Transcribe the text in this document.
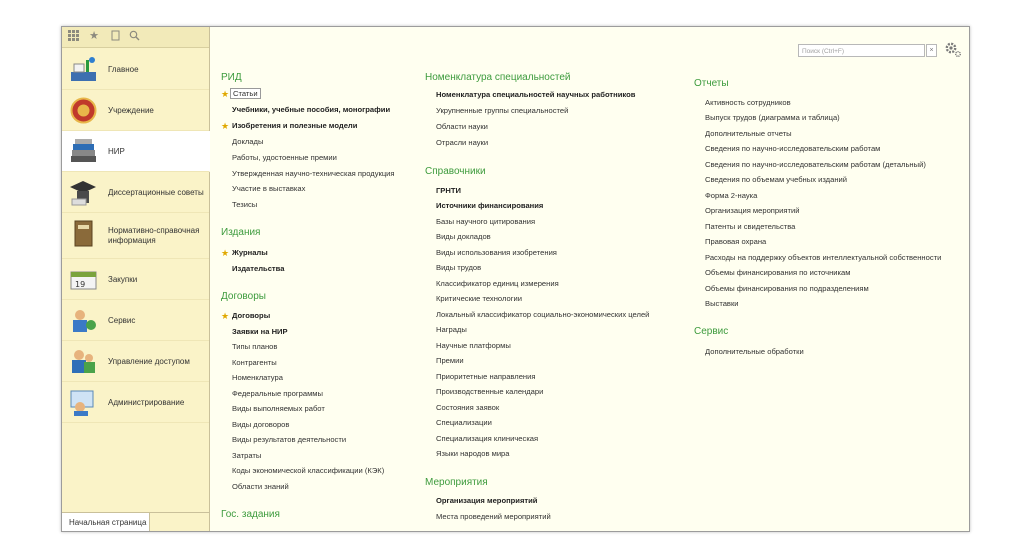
★
Главное
Учреждение
НИР
Диссертационные советы
Нормативно-справочная информация
19
Закупки
Сервис
Управление доступом
Администрирование
Начальная страница
Поиск (Ctrl+F)	×
РИД
★ Статьи
Учебники, учебные пособия, монографии
★ Изобретения и полезные модели
Доклады
Работы, удостоенные премии
Утвержденная научно-техническая продукция
Участие в выставках
Тезисы
Издания
★ Журналы
Издательства
Договоры
★ Договоры
Заявки на НИР
Типы планов
Контрагенты
Номенклатура
Федеральные программы
Виды выполняемых работ
Виды договоров
Виды результатов деятельности
Затраты
Коды экономической классификации (КЭК)
Области знаний
Гос. задания
Номенклатура специальностей
Номенклатура специальностей научных работников
Укрупненные группы специальностей
Области науки
Отрасли науки
Справочники
ГРНТИ
Источники финансирования
Базы научного цитирования
Виды докладов
Виды использования изобретения
Виды трудов
Классификатор единиц измерения
Критические технологии
Локальный классификатор социально-экономических целей
Награды
Научные платформы
Премии
Приоритетные направления
Производственные календари
Состояния заявок
Специализации
Специализация клиническая
Языки народов мира
Мероприятия
Организация мероприятий
Места проведений мероприятий
Отчеты
Активность сотрудников
Выпуск трудов (диаграмма и таблица)
Дополнительные отчеты
Сведения по научно-исследовательским работам
Сведения по научно-исследовательским работам (детальный)
Сведения по объемам учебных изданий
Форма 2-наука
Организация мероприятий
Патенты и свидетельства
Правовая охрана
Расходы на поддержку объектов интеллектуальной собственности
Объемы финансирования по источникам
Объемы финансирования по подразделениям
Выставки
Сервис
Дополнительные обработки
